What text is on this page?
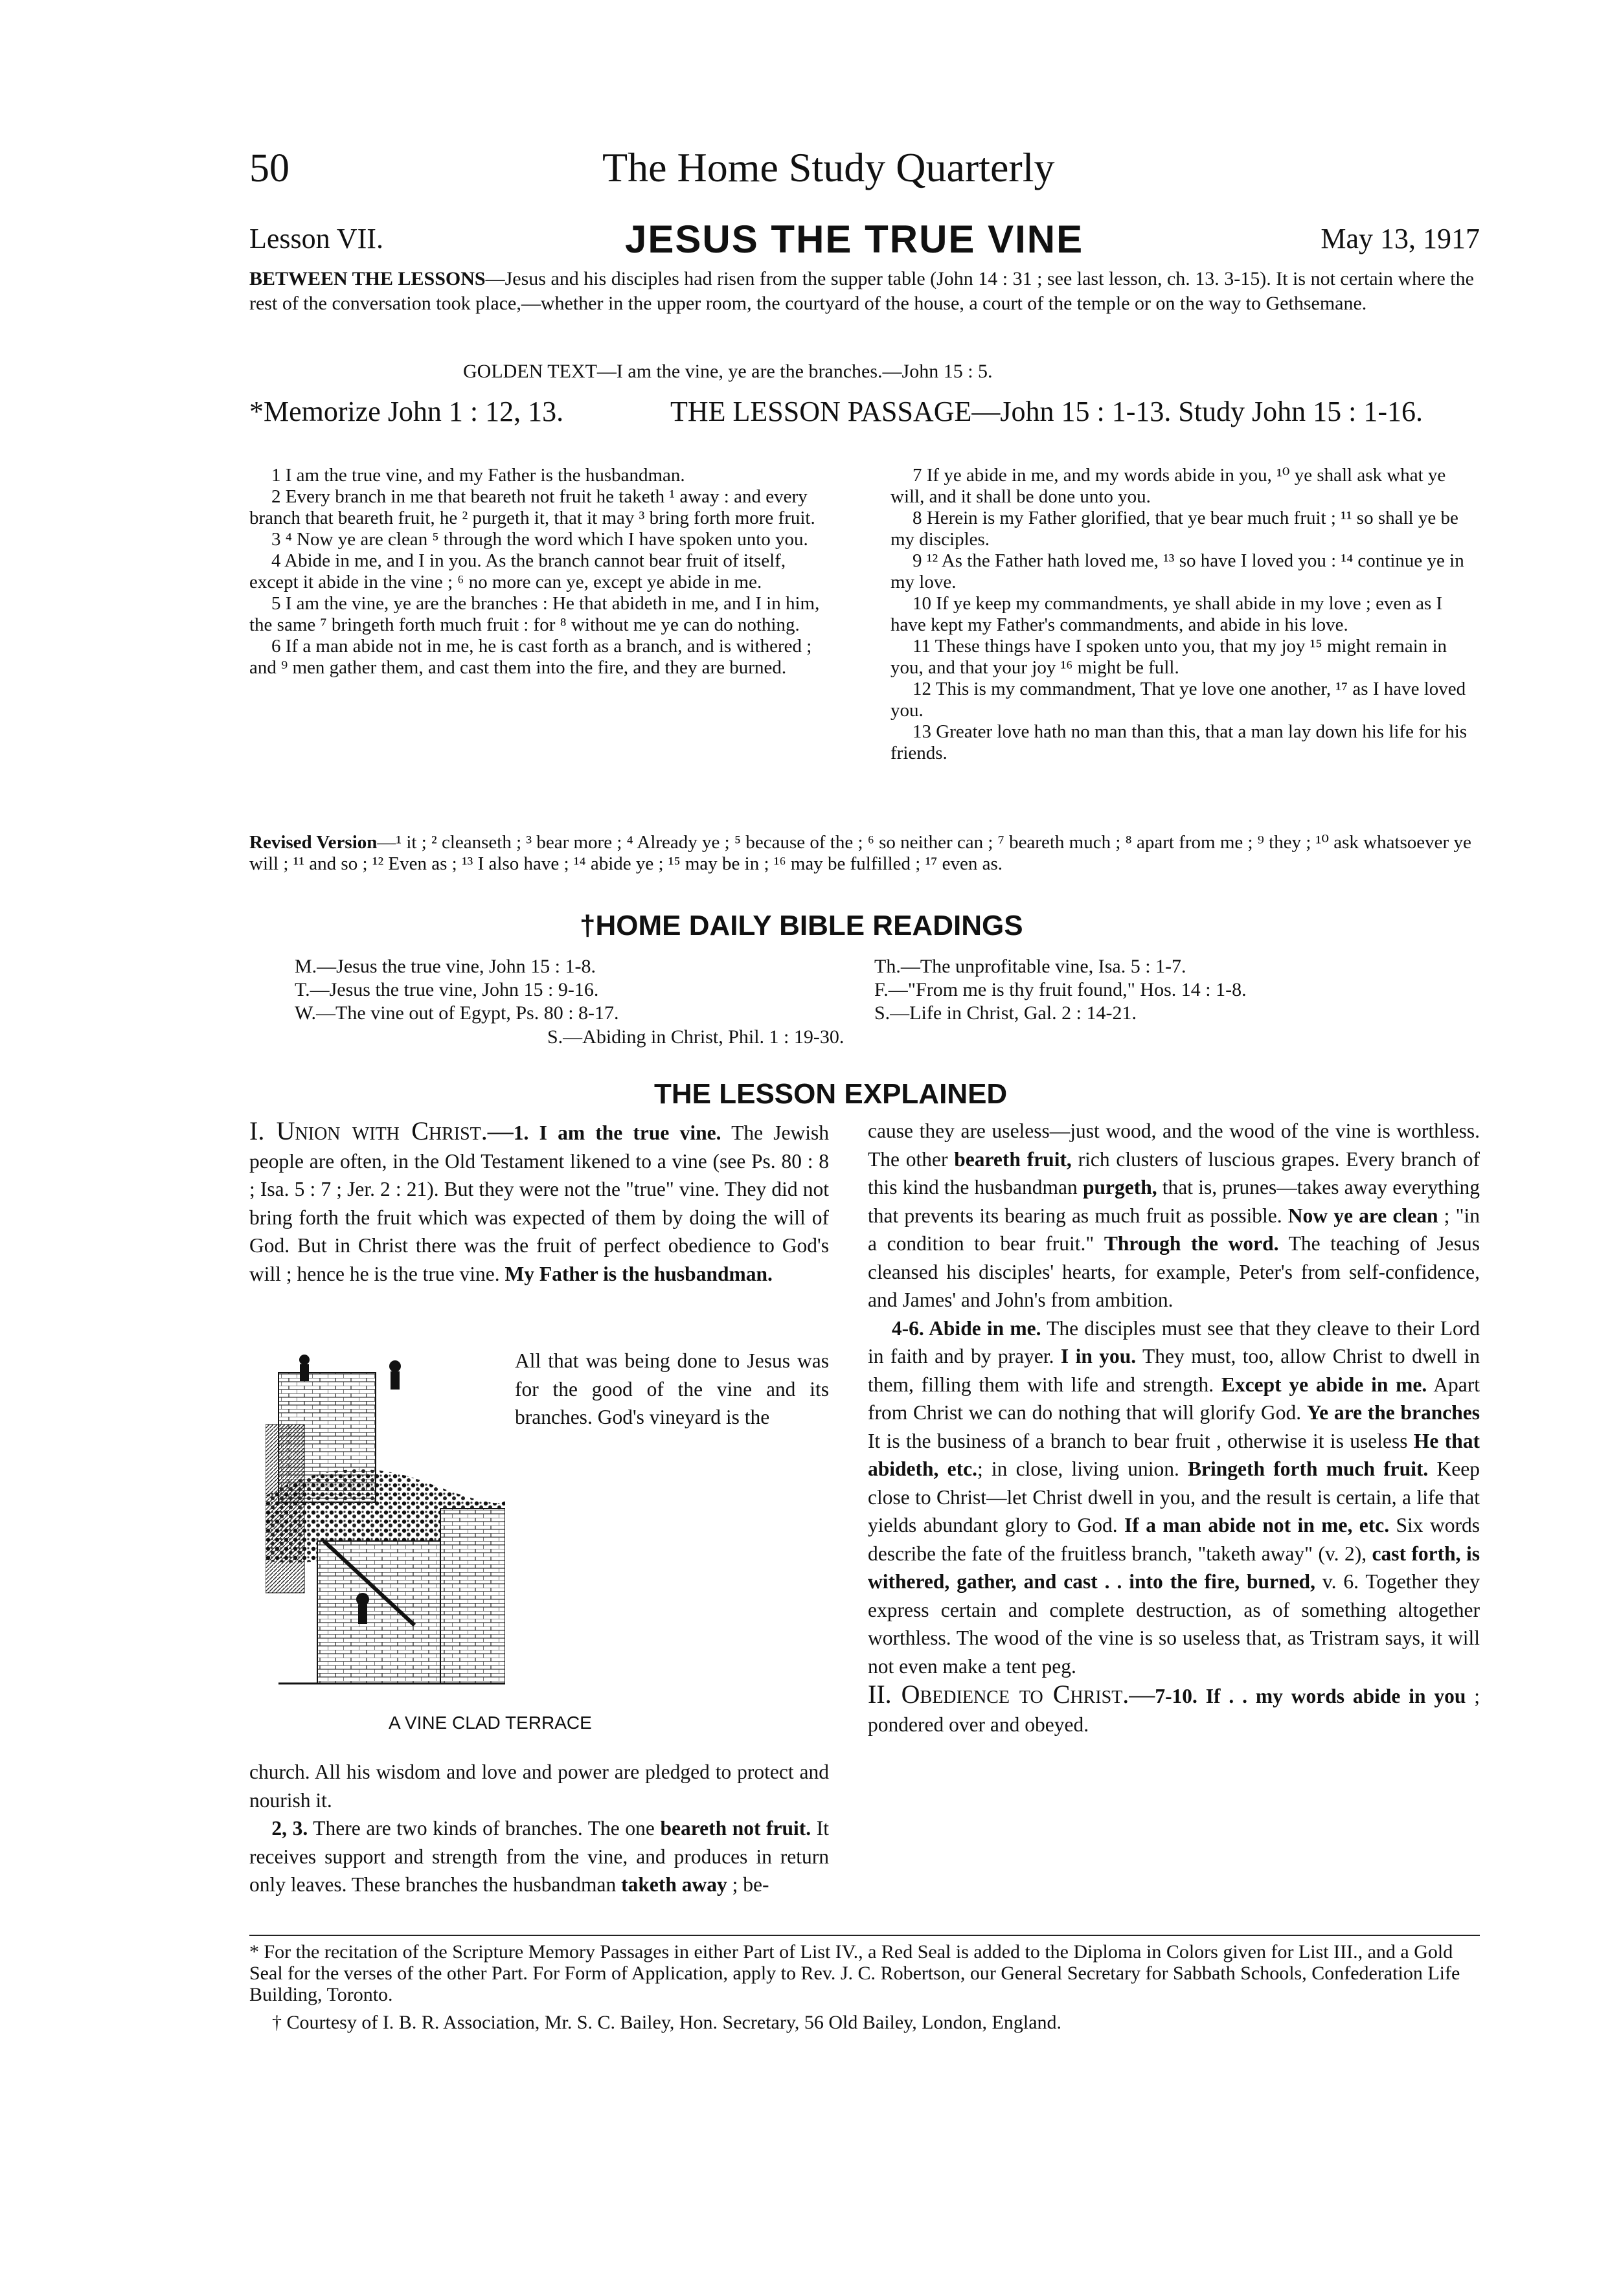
50	The Home Study Quarterly
Lesson VII.	JESUS THE TRUE VINE	May 13, 1917
BETWEEN THE LESSONS—Jesus and his disciples had risen from the supper table (John 14 : 31 ; see last lesson, ch. 13. 3-15). It is not certain where the rest of the conversation took place,—whether in the upper room, the courtyard of the house, a court of the temple or on the way to Gethsemane.
GOLDEN TEXT—I am the vine, ye are the branches.—John 15 : 5.
*Memorize John 1 : 12, 13.	THE LESSON PASSAGE—John 15 : 1-13. Study John 15 : 1-16.

1 I am the true vine, and my Father is the husbandman.

2 Every branch in me that beareth not fruit he taketh ¹ away : and every branch that beareth fruit, he ² purgeth it, that it may ³ bring forth more fruit.

3 ⁴ Now ye are clean ⁵ through the word which I have spoken unto you.

4 Abide in me, and I in you. As the branch cannot bear fruit of itself, except it abide in the vine ; ⁶ no more can ye, except ye abide in me.

5 I am the vine, ye are the branches : He that abideth in me, and I in him, the same ⁷ bringeth forth much fruit : for ⁸ without me ye can do nothing.

6 If a man abide not in me, he is cast forth as a branch, and is withered ; and ⁹ men gather them, and cast them into the fire, and they are burned.

7 If ye abide in me, and my words abide in you, ¹⁰ ye shall ask what ye will, and it shall be done unto you.

8 Herein is my Father glorified, that ye bear much fruit ; ¹¹ so shall ye be my disciples.

9 ¹² As the Father hath loved me, ¹³ so have I loved you : ¹⁴ continue ye in my love.

10 If ye keep my commandments, ye shall abide in my love ; even as I have kept my Father's commandments, and abide in his love.

11 These things have I spoken unto you, that my joy ¹⁵ might remain in you, and that your joy ¹⁶ might be full.

12 This is my commandment, That ye love one another, ¹⁷ as I have loved you.

13 Greater love hath no man than this, that a man lay down his life for his friends.

Revised Version—¹ it ; ² cleanseth ; ³ bear more ; ⁴ Already ye ; ⁵ because of the ; ⁶ so neither can ; ⁷ beareth much ; ⁸ apart from me ; ⁹ they ; ¹⁰ ask whatsoever ye will ; ¹¹ and so ; ¹² Even as ; ¹³ I also have ; ¹⁴ abide ye ; ¹⁵ may be in ; ¹⁶ may be fulfilled ; ¹⁷ even as.
†HOME DAILY BIBLE READINGS
M.—Jesus the true vine, John 15 : 1-8.
T.—Jesus the true vine, John 15 : 9-16.
W.—The vine out of Egypt, Ps. 80 : 8-17.
Th.—The unprofitable vine, Isa. 5 : 1-7.
F.—"From me is thy fruit found," Hos. 14 : 1-8.
S.—Life in Christ, Gal. 2 : 14-21.
S.—Abiding in Christ, Phil. 1 : 19-30.
THE LESSON EXPLAINED
I. Union with Christ.—1. I am the true vine. The Jewish people are often, in the Old Testament likened to a vine (see Ps. 80 : 8 ; Isa. 5 : 7 ; Jer. 2 : 21). But they were not the "true" vine. They did not bring forth the fruit which was expected of them by doing the will of God. But in Christ there was the fruit of perfect obedience to God's will ; hence he is the true vine. My Father is the husbandman.
All that was being done to Jesus was for the good of the vine and its branches. God's vineyard is the
A VINE CLAD TERRACE
church. All his wisdom and love and power are pledged to protect and nourish it.
2, 3. There are two kinds of branches. The one beareth not fruit. It receives support and strength from the vine, and produces in return only leaves. These branches the husbandman taketh away ; be-
cause they are useless—just wood, and the wood of the vine is worthless. The other beareth fruit, rich clusters of luscious grapes. Every branch of this kind the husbandman purgeth, that is, prunes—takes away everything that prevents its bearing as much fruit as possible. Now ye are clean ; "in a condition to bear fruit." Through the word. The teaching of Jesus cleansed his disciples' hearts, for example, Peter's from self-confidence, and James' and John's from ambition.
4-6. Abide in me. The disciples must see that they cleave to their Lord in faith and by prayer. I in you. They must, too, allow Christ to dwell in them, filling them with life and strength. Except ye abide in me. Apart from Christ we can do nothing that will glorify God. Ye are the branches It is the business of a branch to bear fruit , otherwise it is useless He that abideth, etc.; in close, living union. Bringeth forth much fruit. Keep close to Christ—let Christ dwell in you, and the result is certain, a life that yields abundant glory to God. If a man abide not in me, etc. Six words describe the fate of the fruitless branch, "taketh away" (v. 2), cast forth, is withered, gather, and cast . . into the fire, burned, v. 6. Together they express certain and complete destruction, as of something altogether worthless. The wood of the vine is so useless that, as Tristram says, it will not even make a tent peg.
II. Obedience to Christ.—7-10. If . . my words abide in you ; pondered over and obeyed.
* For the recitation of the Scripture Memory Passages in either Part of List IV., a Red Seal is added to the Diploma in Colors given for List III., and a Gold Seal for the verses of the other Part. For Form of Application, apply to Rev. J. C. Robertson, our General Secretary for Sabbath Schools, Confederation Life Building, Toronto.
† Courtesy of I. B. R. Association, Mr. S. C. Bailey, Hon. Secretary, 56 Old Bailey, London, England.
